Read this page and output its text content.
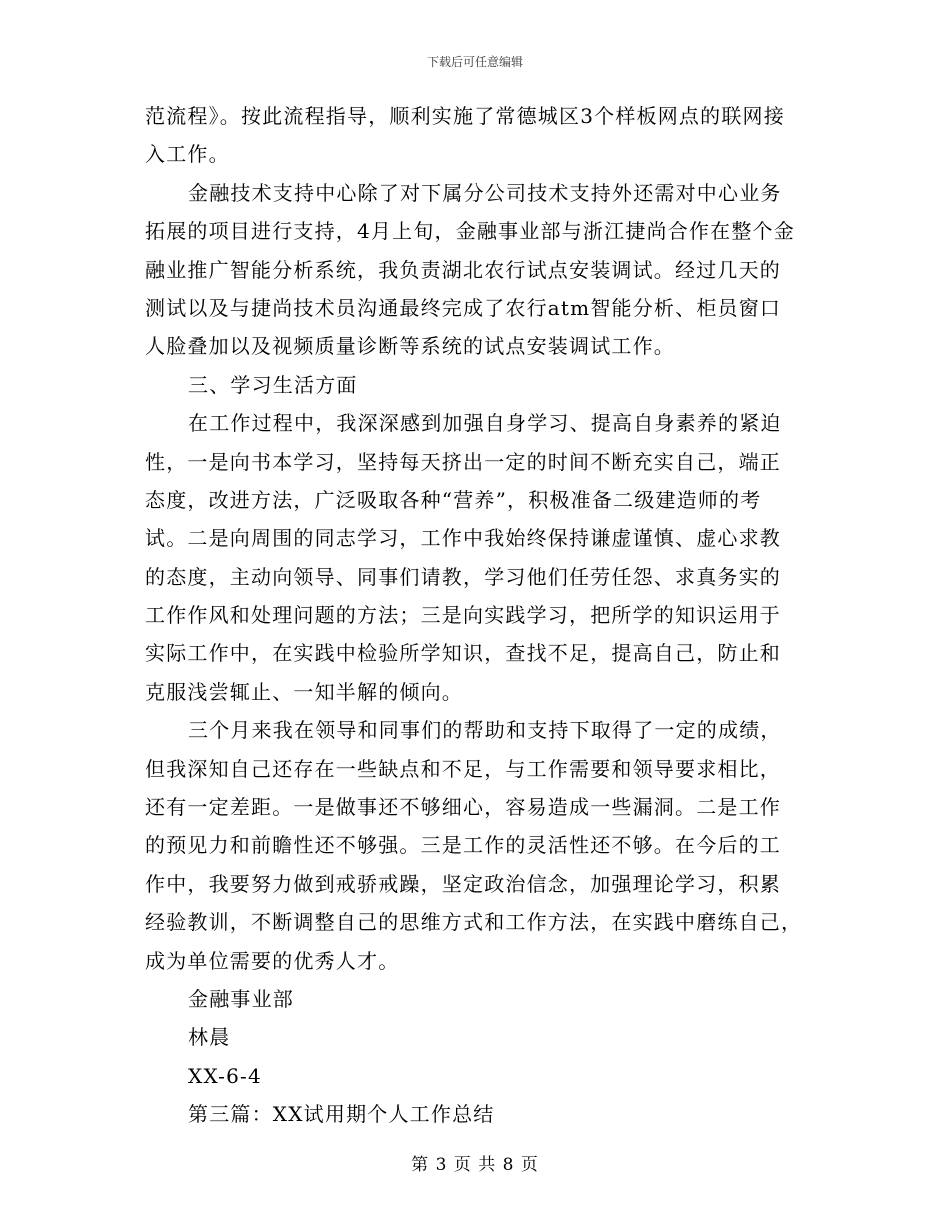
下载后可任意编辑
范流程》。按此流程指导，顺利实施了常德城区3个样板网点的联网接
入工作。
金融技术支持中心除了对下属分公司技术支持外还需对中心业务
拓展的项目进行支持，4月上旬，金融事业部与浙江捷尚合作在整个金
融业推广智能分析系统，我负责湖北农行试点安装调试。经过几天的
测试以及与捷尚技术员沟通最终完成了农行atm智能分析、柜员窗口
人脸叠加以及视频质量诊断等系统的试点安装调试工作。
三、学习生活方面
在工作过程中，我深深感到加强自身学习、提高自身素养的紧迫
性，一是向书本学习，坚持每天挤出一定的时间不断充实自己，端正
态度，改进方法，广泛吸取各种“营养”，积极准备二级建造师的考
试。二是向周围的同志学习，工作中我始终保持谦虚谨慎、虚心求教
的态度，主动向领导、同事们请教，学习他们任劳任怨、求真务实的
工作作风和处理问题的方法；三是向实践学习，把所学的知识运用于
实际工作中，在实践中检验所学知识，查找不足，提高自己，防止和
克服浅尝辄止、一知半解的倾向。
三个月来我在领导和同事们的帮助和支持下取得了一定的成绩，
但我深知自己还存在一些缺点和不足，与工作需要和领导要求相比，
还有一定差距。一是做事还不够细心，容易造成一些漏洞。二是工作
的预见力和前瞻性还不够强。三是工作的灵活性还不够。在今后的工
作中，我要努力做到戒骄戒躁，坚定政治信念，加强理论学习，积累
经验教训，不断调整自己的思维方式和工作方法，在实践中磨练自己，
成为单位需要的优秀人才。
金融事业部
林晨
XX-6-4
第三篇：XX试用期个人工作总结
第 3 页 共 8 页
